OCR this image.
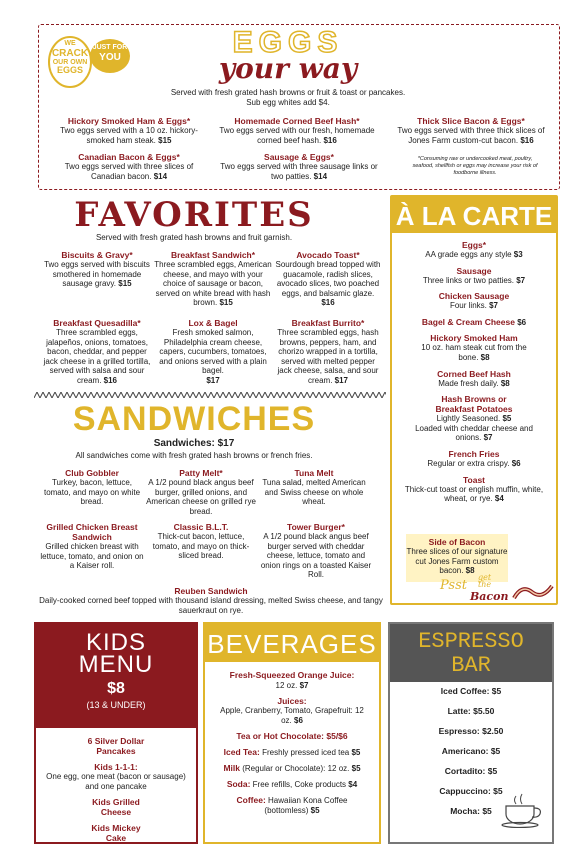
WE
CRACK
OUR OWN
EGGS
JUST FOR
YOU	EGGS
your way
Served with fresh grated hash browns or fruit & toast or pancakes.
Sub egg whites add $4.
Hickory Smoked Ham & Eggs*
Two eggs served with a 10 oz. hickory-smoked ham steak. $15
Homemade Corned Beef Hash*
Two eggs served with our fresh, homemade corned beef hash. $16
Thick Slice Bacon & Eggs*
Two eggs served with three thick slices of Jones Farm custom-cut bacon. $16
Canadian Bacon & Eggs*
Two eggs served with three slices of Canadian bacon. $14
Sausage & Eggs*
Two eggs served with three sausage links or two patties. $14
*Consuming raw or undercooked meat, poultry, seafood, shellfish or eggs may increase your risk of foodborne illness.
FAVORITES
Served with fresh grated hash browns and fruit garnish.
Biscuits & Gravy*
Two eggs served with biscuits smothered in homemade sausage gravy. $15
Breakfast Sandwich*
Three scrambled eggs, American cheese, and mayo with your choice of sausage or bacon, served on white bread with hash brown. $15
Avocado Toast*
Sourdough bread topped with guacamole, radish slices, avocado slices, two poached eggs, and balsamic glaze. $16
Breakfast Quesadilla*
Three scrambled eggs, jalapeños, onions, tomatoes, bacon, cheddar, and pepper jack cheese in a grilled tortilla, served with salsa and sour cream. $16
Lox & Bagel
Fresh smoked salmon, Philadelphia cream cheese, capers, cucumbers, tomatoes, and onions served with a plain bagel.
$17
Breakfast Burrito*
Three scrambled eggs, hash browns, peppers, ham, and chorizo wrapped in a tortilla, served with melted pepper jack cheese, salsa, and sour cream. $17
SANDWICHES
Sandwiches: $17
All sandwiches come with fresh grated hash browns or french fries.
Club Gobbler
Turkey, bacon, lettuce, tomato, and mayo on white bread.
Patty Melt*
A 1/2 pound black angus beef burger, grilled onions, and American cheese on grilled rye bread.
Tuna Melt
Tuna salad, melted American and Swiss cheese on whole wheat.
Grilled Chicken Breast Sandwich
Grilled chicken breast with lettuce, tomato, and onion on a Kaiser roll.
Classic B.L.T.
Thick-cut bacon, lettuce, tomato, and mayo on thick-sliced bread.
Tower Burger*
A 1/2 pound black angus beef burger served with cheddar cheese, lettuce, tomato and onion rings on a toasted Kaiser Roll.
Reuben Sandwich
Daily-cooked corned beef topped with thousand island dressing, melted Swiss cheese, and tangy sauerkraut on rye.
À LA CARTE
Eggs*
AA grade eggs any style $3
Sausage
Three links or two patties. $7
Chicken Sausage
Four links. $7
Bagel & Cream Cheese $6
Hickory Smoked Ham
10 oz. ham steak cut from the bone. $8
Corned Beef Hash
Made fresh daily. $8
Hash Browns or Breakfast Potatoes
Lightly Seasoned. $5
Loaded with cheddar cheese and onions. $7
French Fries
Regular or extra crispy. $6
Toast
Thick-cut toast or english muffin, white, wheat, or rye. $4
Side of Bacon
Three slices of our signature cut Jones Farm custom bacon. $8
Psst
get
the
Bacon
KIDS
MENU
$8
(13 & UNDER)
6 Silver Dollar Pancakes
Kids 1-1-1:
One egg, one meat (bacon or sausage) and one pancake
Kids Grilled Cheese
Kids Mickey Cake
BEVERAGES
Fresh-Squeezed Orange Juice:
12 oz. $7
Juices:
Apple, Cranberry, Tomato, Grapefruit: 12 oz. $6
Tea or Hot Chocolate: $5/$6
Iced Tea: Freshly pressed iced tea $5
Milk (Regular or Chocolate): 12 oz. $5
Soda: Free refills, Coke products $4
Coffee: Hawaiian Kona Coffee (bottomless) $5
ESPRESSO
BAR
Iced Coffee: $5
Latte: $5.50
Espresso: $2.50
Americano: $5
Cortadito: $5
Cappuccino: $5
Mocha: $5
